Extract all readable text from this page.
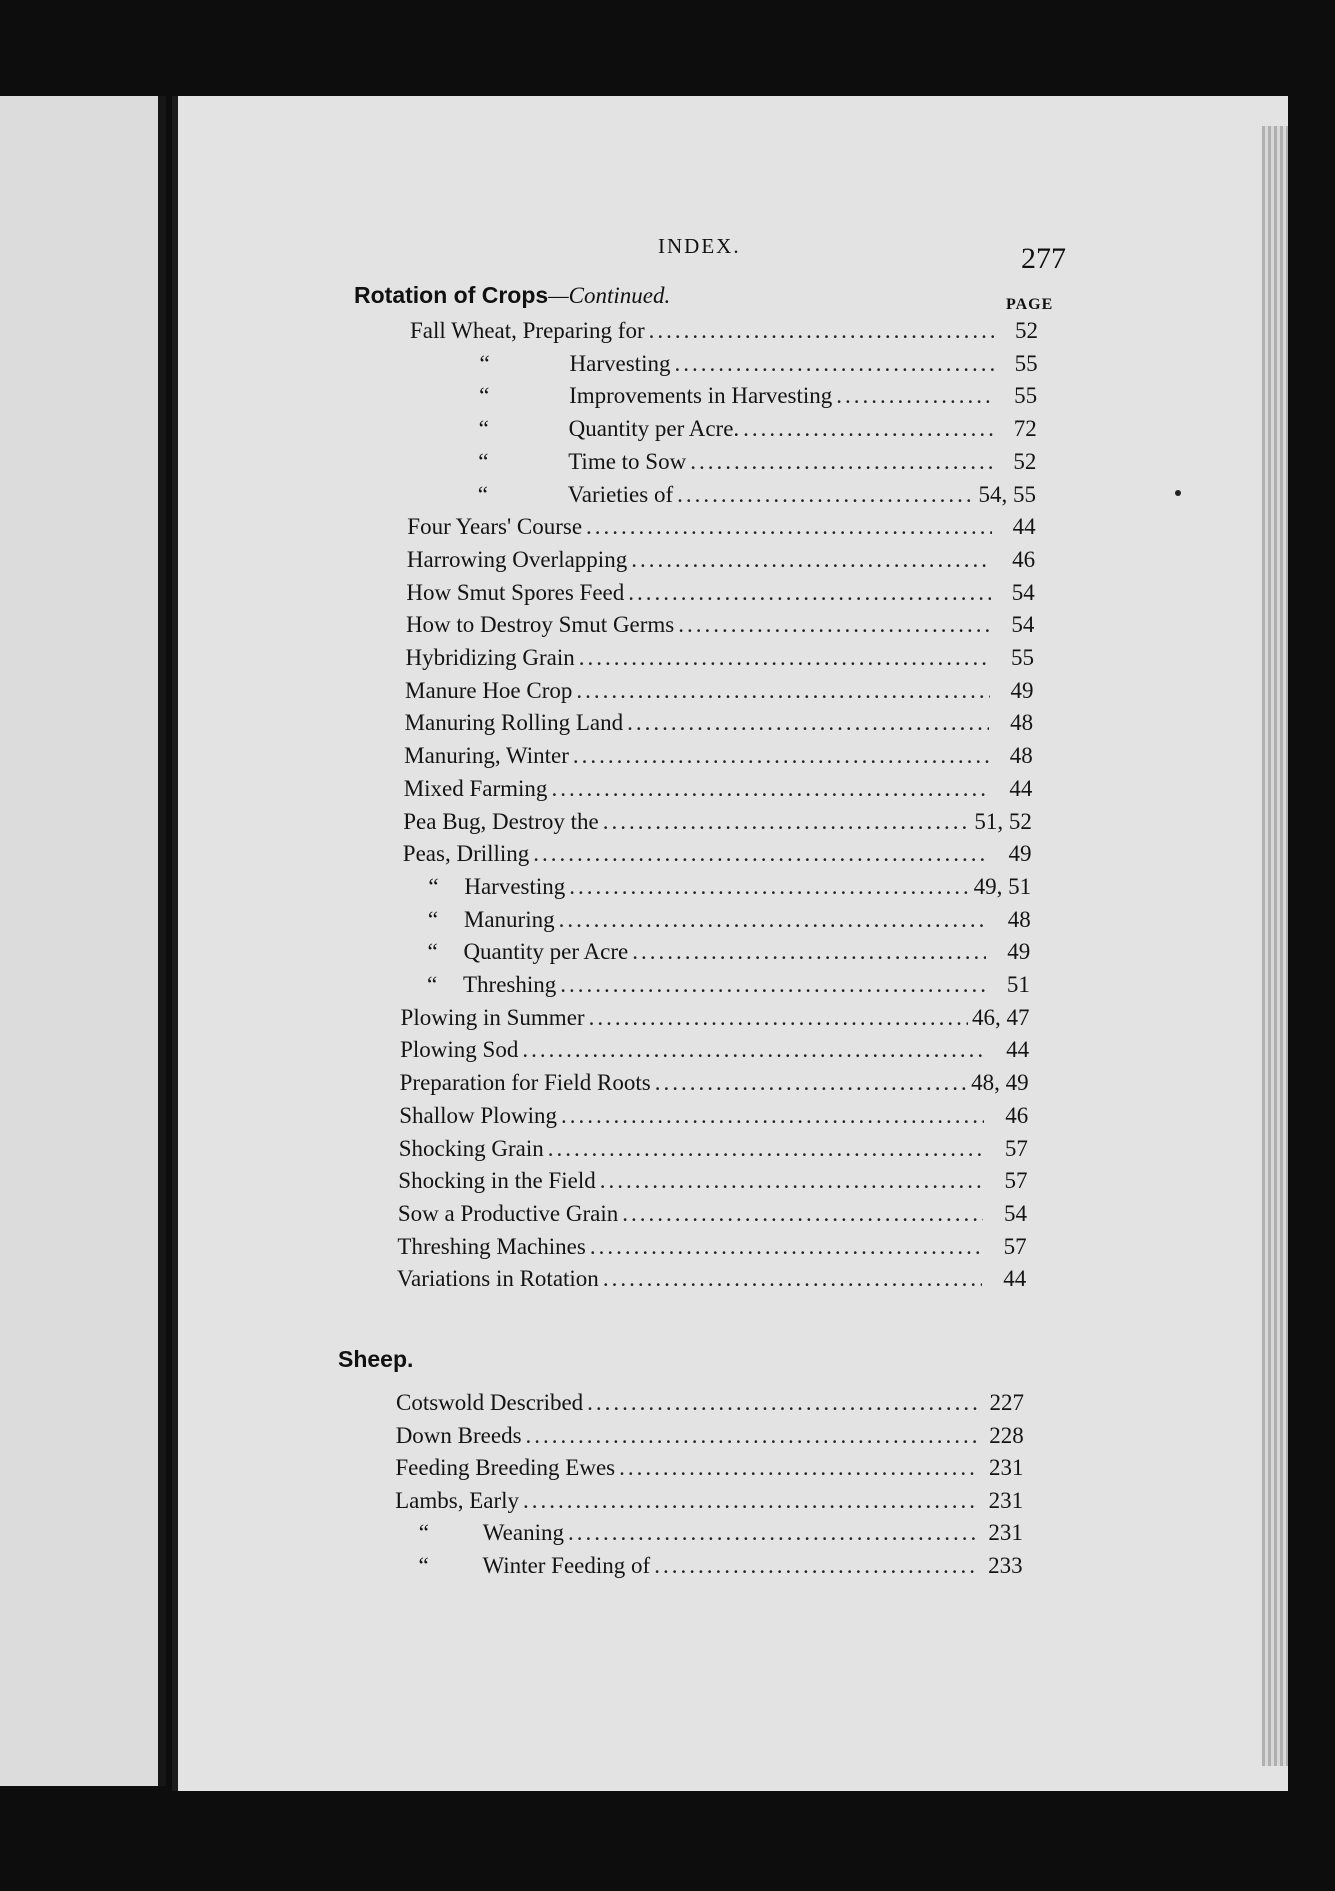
INDEX.	277
Rotation of Crops—Continued.	PAGE
Fall Wheat, Preparing for .....	52
“	Harvesting .....	55
“	Improvements in Harvesting .....	55
“	Quantity per Acre. .....	72
“	Time to Sow .....	52
“	Varieties of .....	54, 55
Four Years' Course .....	44
Harrowing Overlapping .....	46
How Smut Spores Feed .....	54
How to Destroy Smut Germs .....	54
Hybridizing Grain .....	55
Manure Hoe Crop .....	49
Manuring Rolling Land .....	48
Manuring, Winter .....	48
Mixed Farming .....	44
Pea Bug, Destroy the .....	51, 52
Peas, Drilling .....	49
“	Harvesting .....	49, 51
“	Manuring .....	48
“	Quantity per Acre .....	49
“	Threshing .....	51
Plowing in Summer .....	46, 47
Plowing Sod .....	44
Preparation for Field Roots .....	48, 49
Shallow Plowing .....	46
Shocking Grain .....	57
Shocking in the Field .....	57
Sow a Productive Grain .....	54
Threshing Machines .....	57
Variations in Rotation .....	44
Sheep.
Cotswold Described .....	227
Down Breeds .....	228
Feeding Breeding Ewes .....	231
Lambs, Early .....	231
“	Weaning .....	231
“	Winter Feeding of .....	233
